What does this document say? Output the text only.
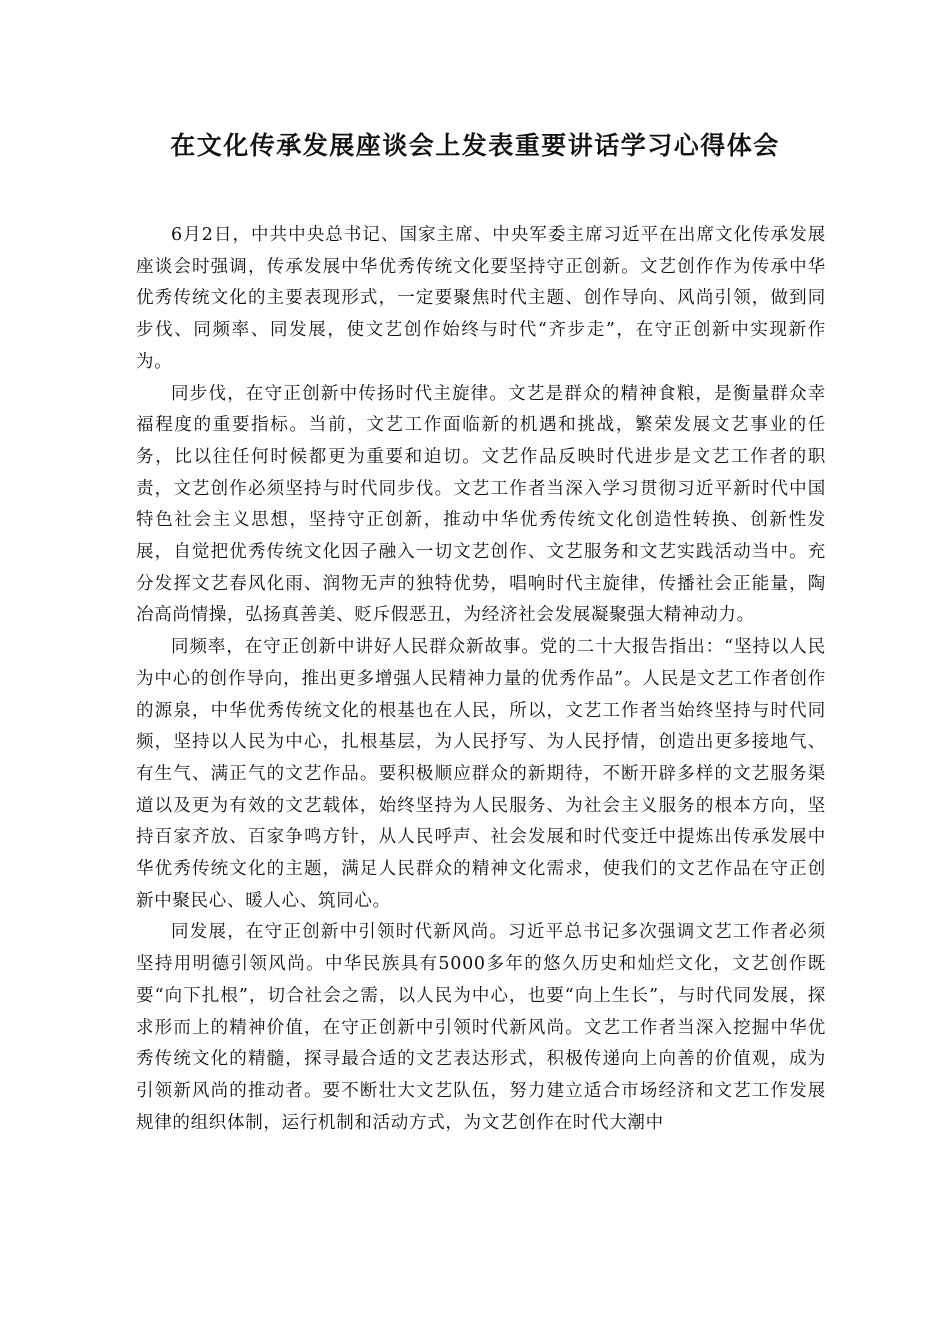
在文化传承发展座谈会上发表重要讲话学习心得体会

6月2日，中共中央总书记、国家主席、中央军委主席习近平在出席文化传承发展座谈会时强调，传承发展中华优秀传统文化要坚持守正创新。文艺创作作为传承中华优秀传统文化的主要表现形式，一定要聚焦时代主题、创作导向、风尚引领，做到同步伐、同频率、同发展，使文艺创作始终与时代“齐步走”，在守正创新中实现新作为。

同步伐，在守正创新中传扬时代主旋律。文艺是群众的精神食粮，是衡量群众幸福程度的重要指标。当前，文艺工作面临新的机遇和挑战，繁荣发展文艺事业的任务，比以往任何时候都更为重要和迫切。文艺作品反映时代进步是文艺工作者的职责，文艺创作必须坚持与时代同步伐。文艺工作者当深入学习贯彻习近平新时代中国特色社会主义思想，坚持守正创新，推动中华优秀传统文化创造性转换、创新性发展，自觉把优秀传统文化因子融入一切文艺创作、文艺服务和文艺实践活动当中。充分发挥文艺春风化雨、润物无声的独特优势，唱响时代主旋律，传播社会正能量，陶冶高尚情操，弘扬真善美、贬斥假恶丑，为经济社会发展凝聚强大精神动力。

同频率，在守正创新中讲好人民群众新故事。党的二十大报告指出：“坚持以人民为中心的创作导向，推出更多增强人民精神力量的优秀作品”。人民是文艺工作者创作的源泉，中华优秀传统文化的根基也在人民，所以，文艺工作者当始终坚持与时代同频，坚持以人民为中心，扎根基层，为人民抒写、为人民抒情，创造出更多接地气、有生气、满正气的文艺作品。要积极顺应群众的新期待，不断开辟多样的文艺服务渠道以及更为有效的文艺载体，始终坚持为人民服务、为社会主义服务的根本方向，坚持百家齐放、百家争鸣方针，从人民呼声、社会发展和时代变迁中提炼出传承发展中华优秀传统文化的主题，满足人民群众的精神文化需求，使我们的文艺作品在守正创新中聚民心、暖人心、筑同心。

同发展，在守正创新中引领时代新风尚。习近平总书记多次强调文艺工作者必须坚持用明德引领风尚。中华民族具有5000多年的悠久历史和灿烂文化，文艺创作既要“向下扎根”，切合社会之需，以人民为中心，也要“向上生长”，与时代同发展，探求形而上的精神价值，在守正创新中引领时代新风尚。文艺工作者当深入挖掘中华优秀传统文化的精髓，探寻最合适的文艺表达形式，积极传递向上向善的价值观，成为引领新风尚的推动者。要不断壮大文艺队伍，努力建立适合市场经济和文艺工作发展规律的组织体制，运行机制和活动方式，为文艺创作在时代大潮中
